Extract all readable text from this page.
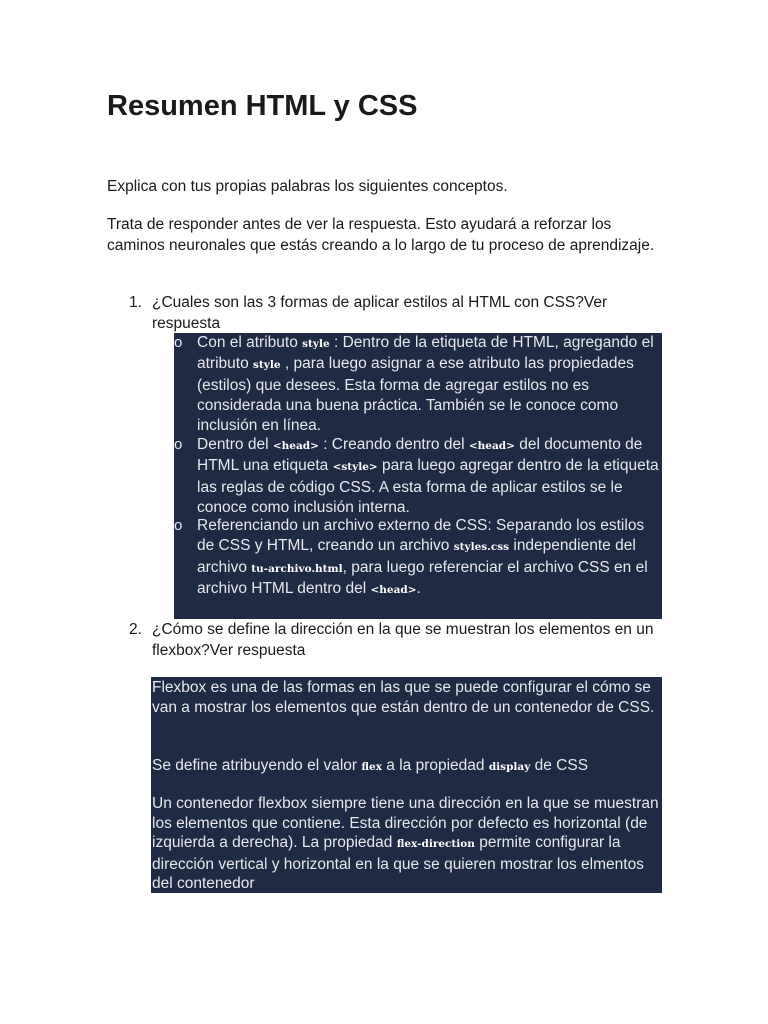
Resumen HTML y CSS

Explica con tus propias palabras los siguientes conceptos.

Trata de responder antes de ver la respuesta. Esto ayudará a reforzar los caminos neuronales que estás creando a lo largo de tu proceso de aprendizaje.

1. ¿Cuales son las 3 formas de aplicar estilos al HTML con CSS?Ver respuesta
o Con el atributo style : Dentro de la etiqueta de HTML, agregando el atributo style , para luego asignar a ese atributo las propiedades (estilos) que desees. Esta forma de agregar estilos no es considerada una buena práctica. También se le conoce como inclusión en línea.
o Dentro del <head> : Creando dentro del <head> del documento de HTML una etiqueta <style> para luego agregar dentro de la etiqueta las reglas de código CSS. A esta forma de aplicar estilos se le conoce como inclusión interna.
o Referenciando un archivo externo de CSS: Separando los estilos de CSS y HTML, creando un archivo styles.css independiente del archivo tu-archivo.html, para luego referenciar el archivo CSS en el archivo HTML dentro del <head>.
2. ¿Cómo se define la dirección en la que se muestran los elementos en un flexbox?Ver respuesta

Flexbox es una de las formas en las que se puede configurar el cómo se van a mostrar los elementos que están dentro de un contenedor de CSS.

Se define atribuyendo el valor flex a la propiedad display de CSS

Un contenedor flexbox siempre tiene una dirección en la que se muestran los elementos que contiene. Esta dirección por defecto es horizontal (de izquierda a derecha). La propiedad flex-direction permite configurar la dirección vertical y horizontal en la que se quieren mostrar los elmentos del contenedor
